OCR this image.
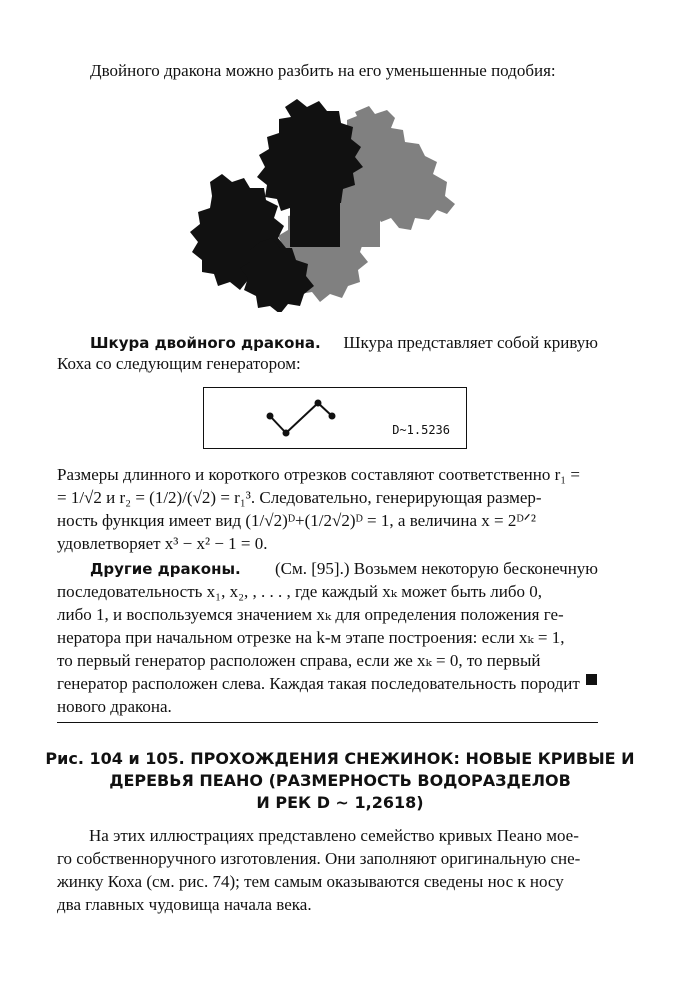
Двойного дракона можно разбить на его уменьшенные подобия:
Шкура двойного дракона. Шкура представляет собой кривую
Коха со следующим генератором:
D~1.5236
Размеры длинного и короткого отрезков составляют соответственно r₁ =
= 1/√2 и r₂ = (1/2)/(√2) = r₁³. Следовательно, генерирующая размер-
ность функция имеет вид (1/√2)ᴰ+(1/2√2)ᴰ = 1, а величина x = 2ᴰᐟ²
удовлетворяет x³ − x² − 1 = 0.
Другие драконы. (См. [95].) Возьмем некоторую бесконечную
последовательность x₁, x₂, , . . . , где каждый xₖ может быть либо 0,
либо 1, и воспользуемся значением xₖ для определения положения ге-
нератора при начальном отрезке на k-м этапе построения: если xₖ = 1,
то первый генератор расположен справа, если же xₖ = 0, то первый
генератор расположен слева. Каждая такая последовательность породит
нового дракона.
Рис. 104 и 105. ПРОХОЖДЕНИЯ СНЕЖИНОК: НОВЫЕ КРИВЫЕ И
ДЕРЕВЬЯ ПЕАНО (РАЗМЕРНОСТЬ ВОДОРАЗДЕЛОВ
И РЕК D ∼ 1,2618)
На этих иллюстрациях представлено семейство кривых Пеано мое-
го собственноручного изготовления. Они заполняют оригинальную сне-
жинку Коха (см. рис. 74); тем самым оказываются сведены нос к носу
два главных чудовища начала века.
